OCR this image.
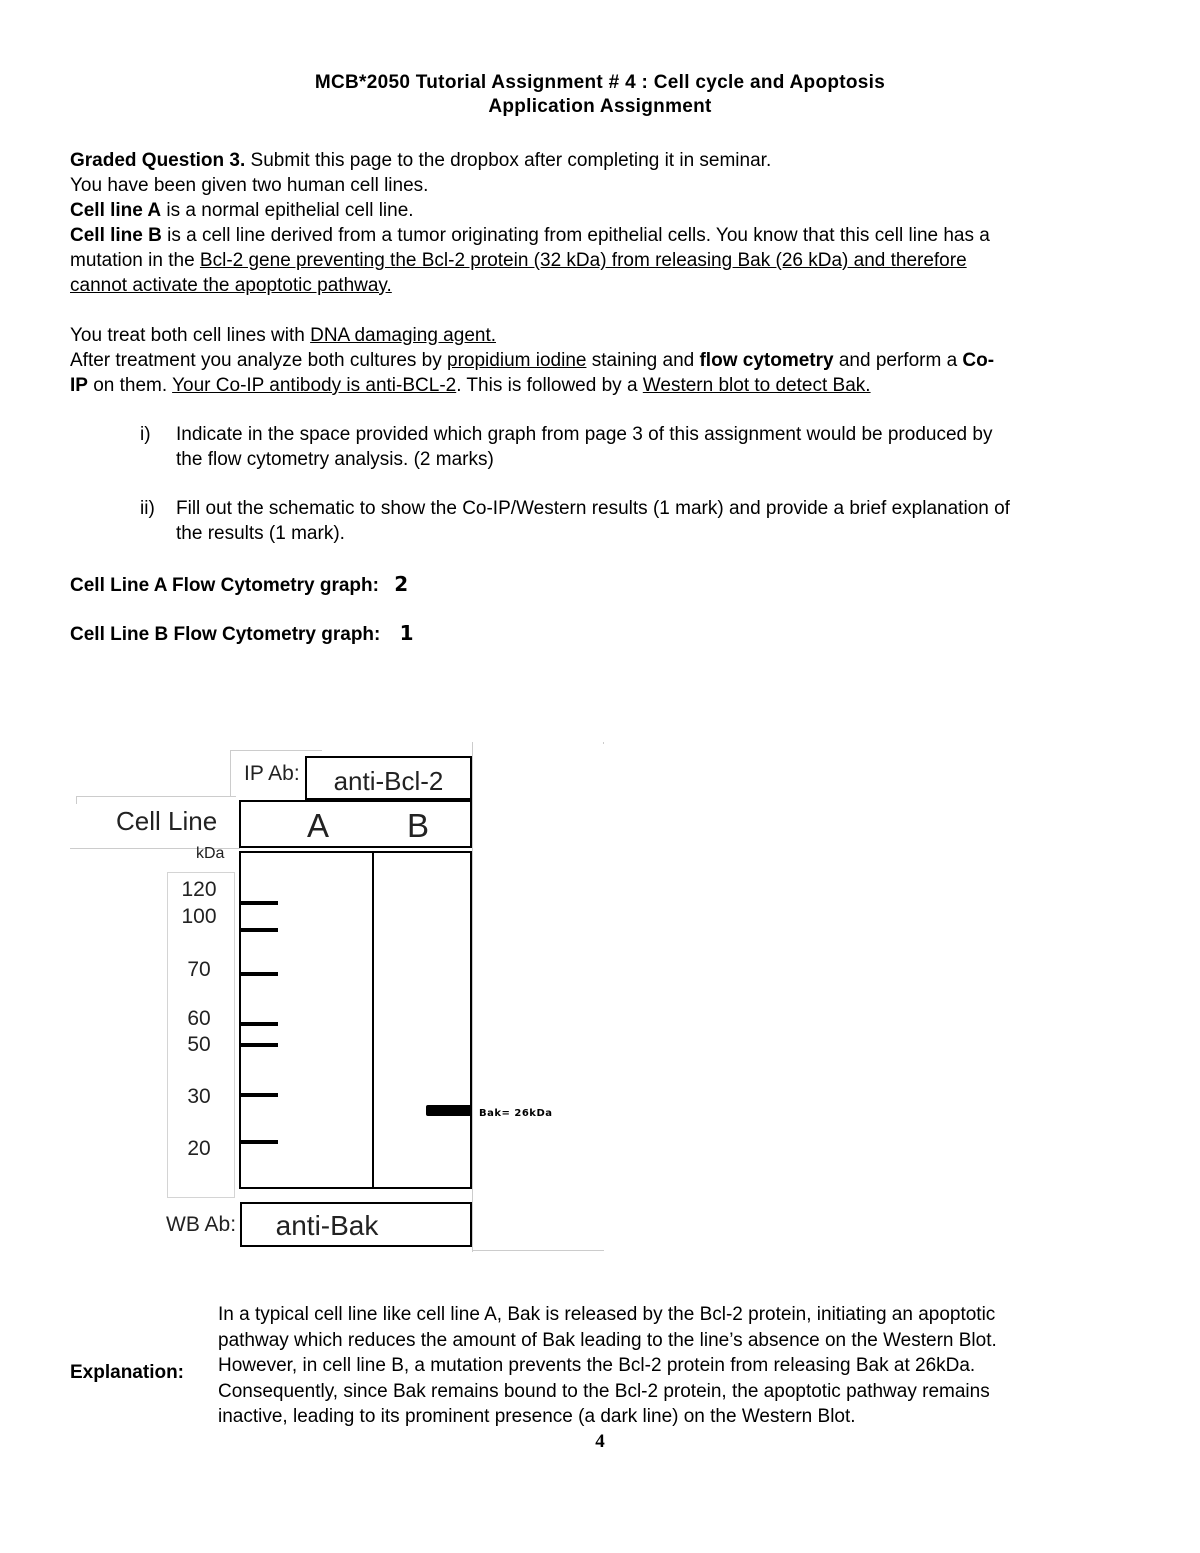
MCB*2050 Tutorial Assignment # 4 : Cell cycle and Apoptosis
Application Assignment
Graded Question 3. Submit this page to the dropbox after completing it in seminar.
You have been given two human cell lines.
Cell line A is a normal epithelial cell line.
Cell line B is a cell line derived from a tumor originating from epithelial cells. You know that this cell line has a
mutation in the Bcl-2 gene preventing the Bcl-2 protein (32 kDa) from releasing Bak (26 kDa) and therefore
cannot activate the apoptotic pathway.
You treat both cell lines with DNA damaging agent.
After treatment you analyze both cultures by propidium iodine staining and flow cytometry and perform a Co-
IP on them. Your Co-IP antibody is anti-BCL-2. This is followed by a Western blot to detect Bak.
i) Indicate in the space provided which graph from page 3 of this assignment would be produced by
the flow cytometry analysis. (2 marks)
ii) Fill out the schematic to show the Co-IP/Western results (1 mark) and provide a brief explanation of
the results (1 mark).
Cell Line A Flow Cytometry graph: 2
Cell Line B Flow Cytometry graph: 1
IP Ab:	anti-Bcl-2
Cell Line	A	B
kDa
120
100
70
60
50
30
20
Bak= 26kDa
WB Ab:	anti-Bak
Explanation:
In a typical cell line like cell line A, Bak is released by the Bcl-2 protein, initiating an apoptotic
pathway which reduces the amount of Bak leading to the line’s absence on the Western Blot.
However, in cell line B, a mutation prevents the Bcl-2 protein from releasing Bak at 26kDa.
Consequently, since Bak remains bound to the Bcl-2 protein, the apoptotic pathway remains
inactive, leading to its prominent presence (a dark line) on the Western Blot.
4
